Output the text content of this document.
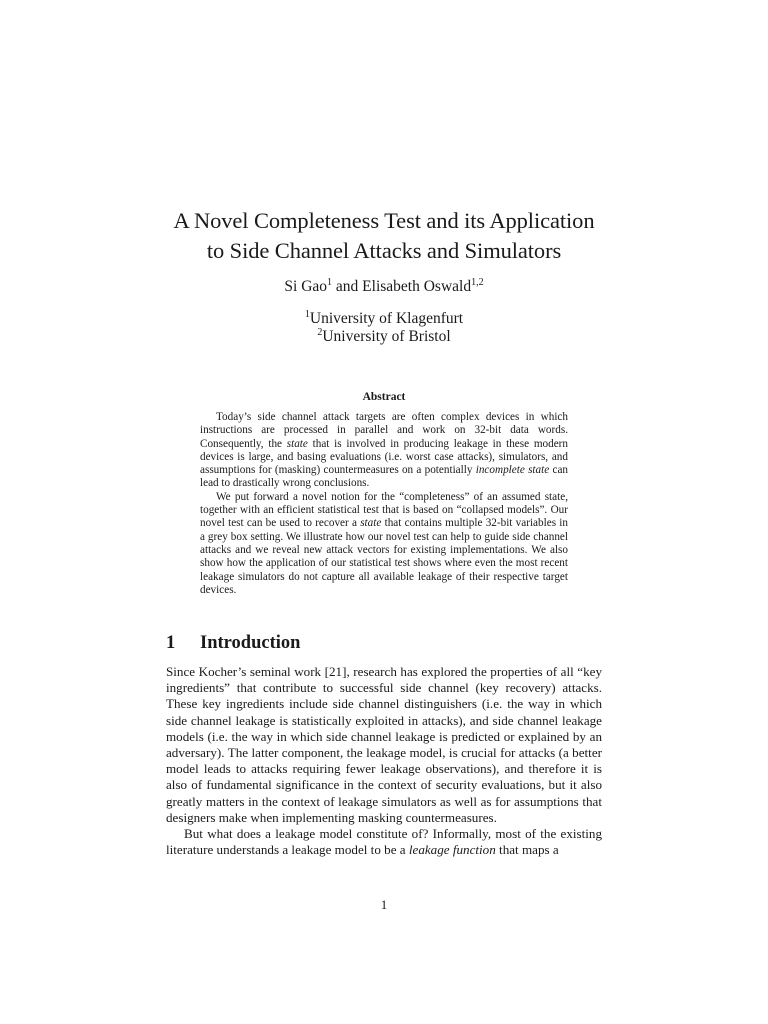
A Novel Completeness Test and its Application
to Side Channel Attacks and Simulators
Si Gao$^1$ and Elisabeth Oswald$^{1,2}$
$^1$University of Klagenfurt
$^2$University of Bristol
Abstract

Today’s side channel attack targets are often complex devices in which instructions are processed in parallel and work on 32-bit data words. Consequently, the state that is involved in producing leakage in these modern devices is large, and basing evaluations (i.e. worst case attacks), simulators, and assumptions for (masking) countermeasures on a potentially incomplete state can lead to drastically wrong conclusions.

We put forward a novel notion for the “completeness” of an assumed state, together with an efficient statistical test that is based on “collapsed models”. Our novel test can be used to recover a state that contains multiple 32-bit variables in a grey box setting. We illustrate how our novel test can help to guide side channel attacks and we reveal new attack vectors for existing implementations. We also show how the application of our statistical test shows where even the most recent leakage simulators do not capture all available leakage of their respective target devices.

1 Introduction

Since Kocher’s seminal work [21], research has explored the properties of all “key ingredients” that contribute to successful side channel (key recovery) attacks. These key ingredients include side channel distinguishers (i.e. the way in which side channel leakage is statistically exploited in attacks), and side channel leakage models (i.e. the way in which side channel leakage is predicted or explained by an adversary). The latter component, the leakage model, is crucial for attacks (a better model leads to attacks requiring fewer leakage observations), and therefore it is also of fundamental significance in the context of security evaluations, but it also greatly matters in the context of leakage simulators as well as for assumptions that designers make when implementing masking countermeasures.

But what does a leakage model constitute of? Informally, most of the existing literature understands a leakage model to be a leakage function that maps a

1
